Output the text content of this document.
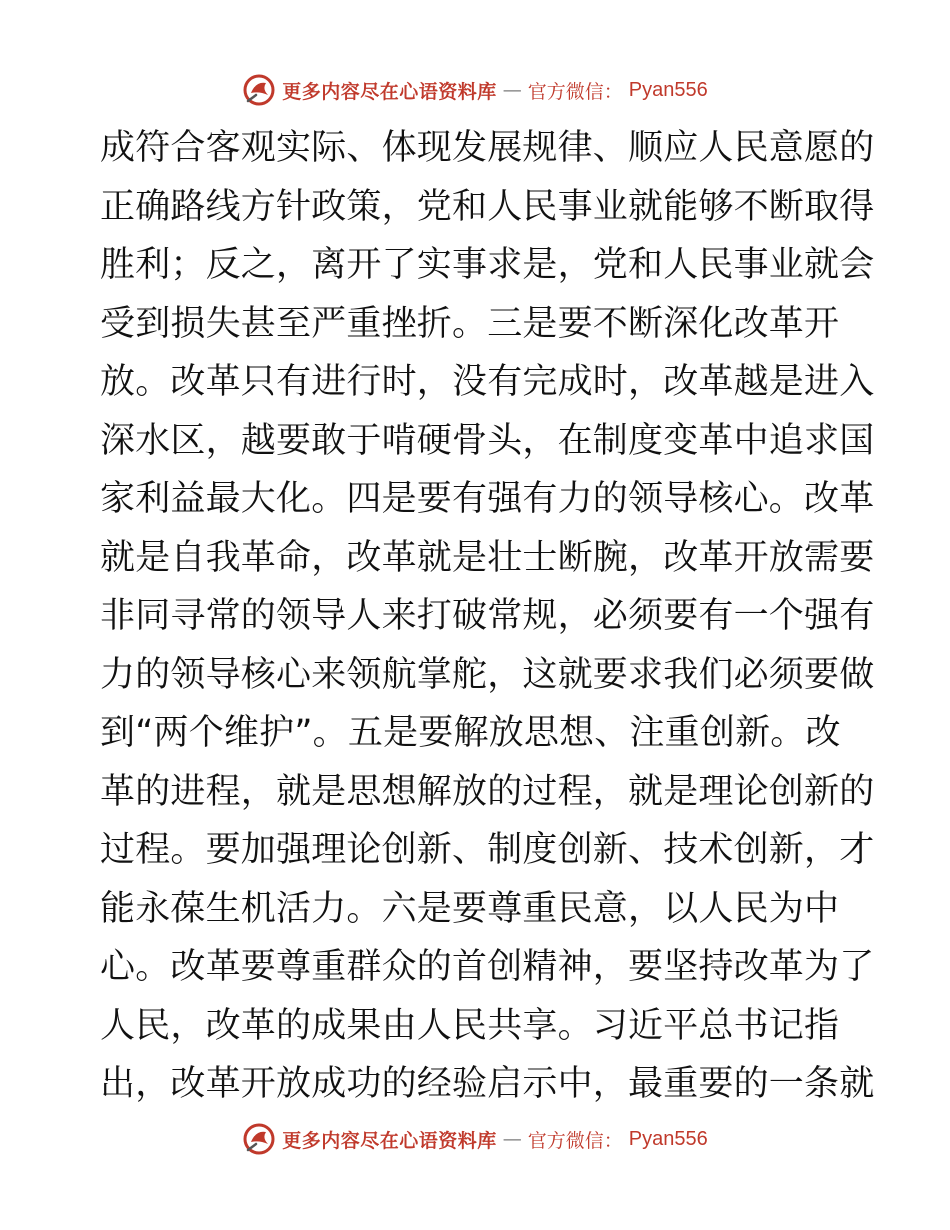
更多内容尽在心语资料库 — 官方微信： Pyan556
成符合客观实际、体现发展规律、顺应人民意愿的
正确路线方针政策，党和人民事业就能够不断取得
胜利；反之，离开了实事求是，党和人民事业就会
受到损失甚至严重挫折。三是要不断深化改革开
放。改革只有进行时，没有完成时，改革越是进入
深水区，越要敢于啃硬骨头，在制度变革中追求国
家利益最大化。四是要有强有力的领导核心。改革
就是自我革命，改革就是壮士断腕，改革开放需要
非同寻常的领导人来打破常规，必须要有一个强有
力的领导核心来领航掌舵，这就要求我们必须要做
到“两个维护”。五是要解放思想、注重创新。改
革的进程，就是思想解放的过程，就是理论创新的
过程。要加强理论创新、制度创新、技术创新，才
能永葆生机活力。六是要尊重民意，以人民为中
心。改革要尊重群众的首创精神，要坚持改革为了
人民，改革的成果由人民共享。习近平总书记指
出，改革开放成功的经验启示中，最重要的一条就
更多内容尽在心语资料库 — 官方微信： Pyan556
